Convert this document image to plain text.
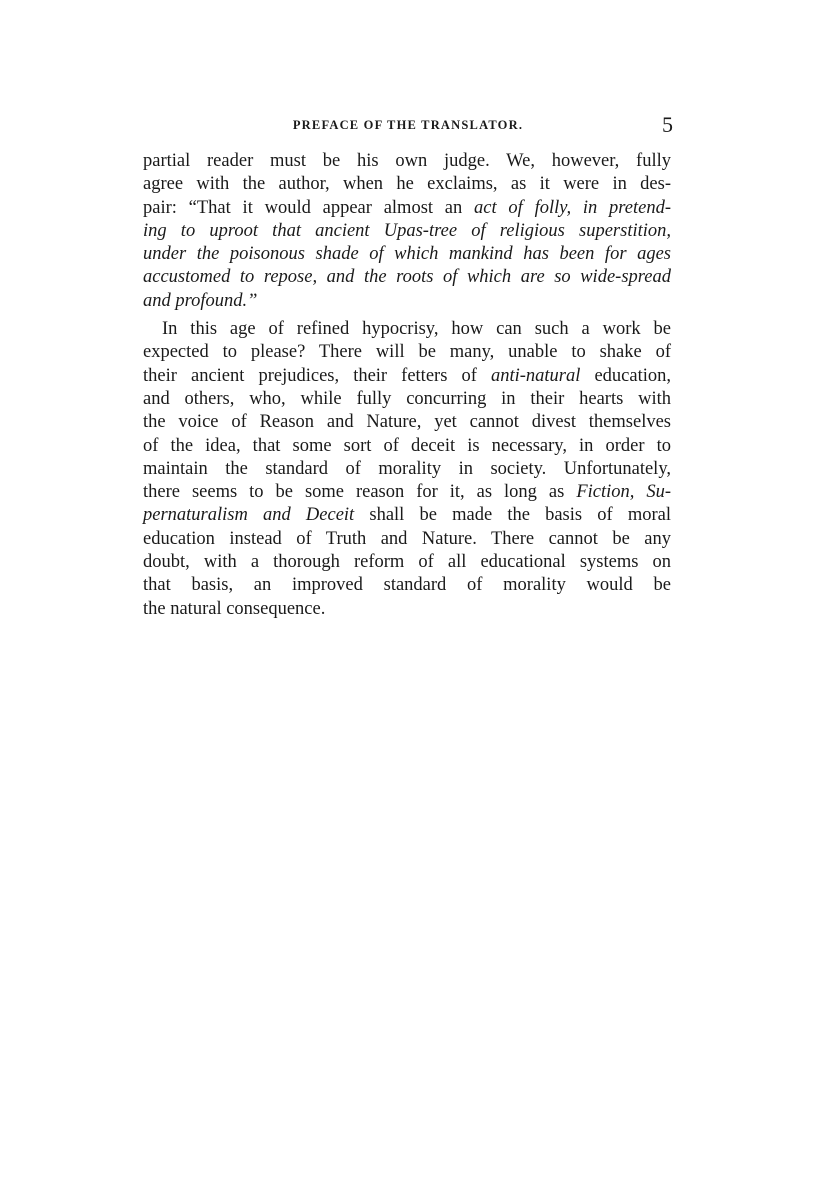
PREFACE OF THE TRANSLATOR.	5
partial reader must be his own judge. We, however, fully
agree with the author, when he exclaims, as it were in des-
pair: “That it would appear almost an act of folly, in pretend-
ing to uproot that ancient Upas-tree of religious superstition,
under the poisonous shade of which mankind has been for ages
accustomed to repose, and the roots of which are so wide-spread
and profound.”
In this age of refined hypocrisy, how can such a work be
expected to please? There will be many, unable to shake of
their ancient prejudices, their fetters of anti-natural education,
and others, who, while fully concurring in their hearts with
the voice of Reason and Nature, yet cannot divest themselves
of the idea, that some sort of deceit is necessary, in order to
maintain the standard of morality in society. Unfortunately,
there seems to be some reason for it, as long as Fiction, Su-
pernaturalism and Deceit shall be made the basis of moral
education instead of Truth and Nature. There cannot be any
doubt, with a thorough reform of all educational systems on
that basis, an improved standard of morality would be
the natural consequence.
